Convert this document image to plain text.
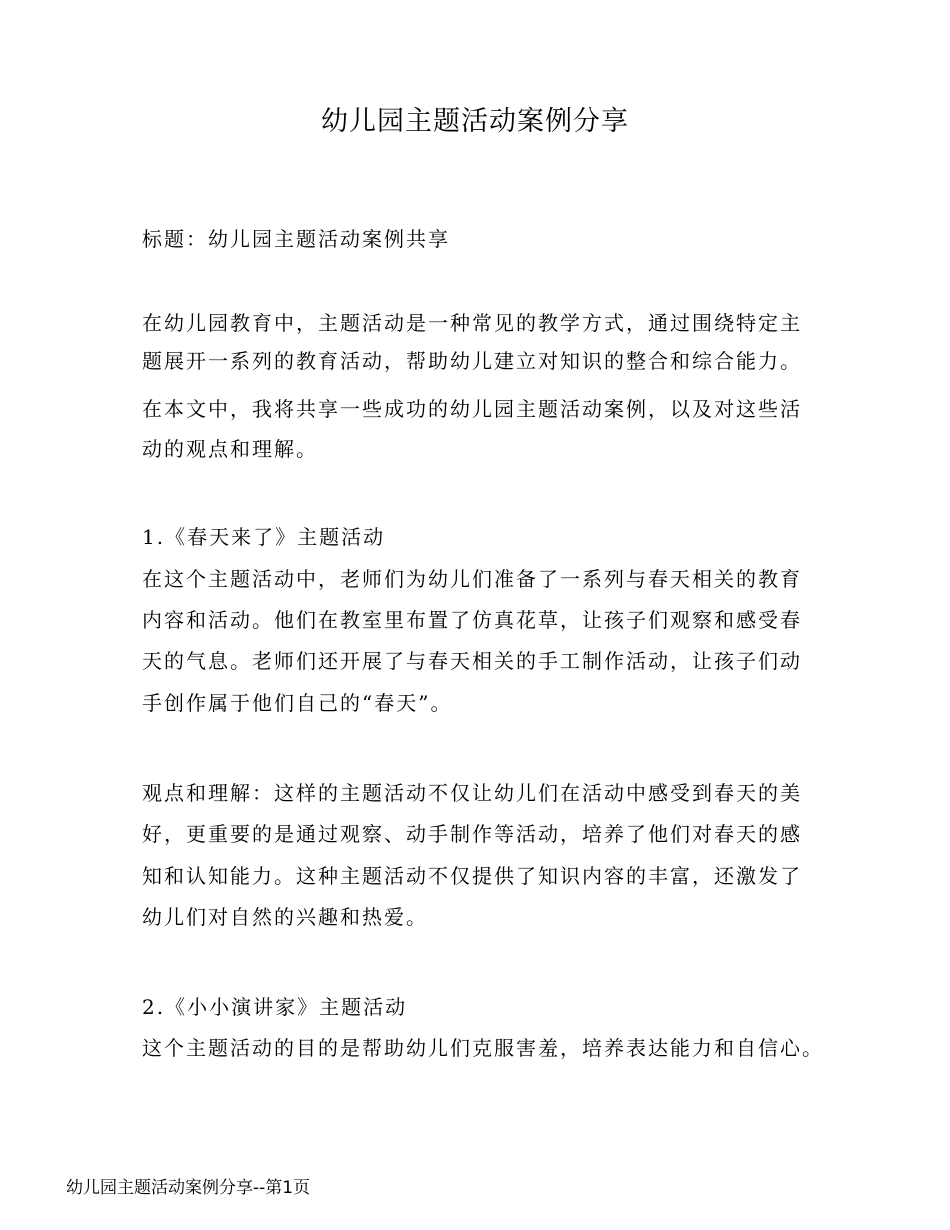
幼儿园主题活动案例分享

标题：幼儿园主题活动案例共享

在幼儿园教育中，主题活动是一种常见的教学方式，通过围绕特定主

题展开一系列的教育活动，帮助幼儿建立对知识的整合和综合能力。

在本文中，我将共享一些成功的幼儿园主题活动案例，以及对这些活

动的观点和理解。

1.《春天来了》主题活动

在这个主题活动中，老师们为幼儿们准备了一系列与春天相关的教育

内容和活动。他们在教室里布置了仿真花草，让孩子们观察和感受春

天的气息。老师们还开展了与春天相关的手工制作活动，让孩子们动

手创作属于他们自己的“春天”。

观点和理解：这样的主题活动不仅让幼儿们在活动中感受到春天的美

好，更重要的是通过观察、动手制作等活动，培养了他们对春天的感

知和认知能力。这种主题活动不仅提供了知识内容的丰富，还激发了

幼儿们对自然的兴趣和热爱。

2.《小小演讲家》主题活动

这个主题活动的目的是帮助幼儿们克服害羞，培养表达能力和自信心。

幼儿园主题活动案例分享--第1页
